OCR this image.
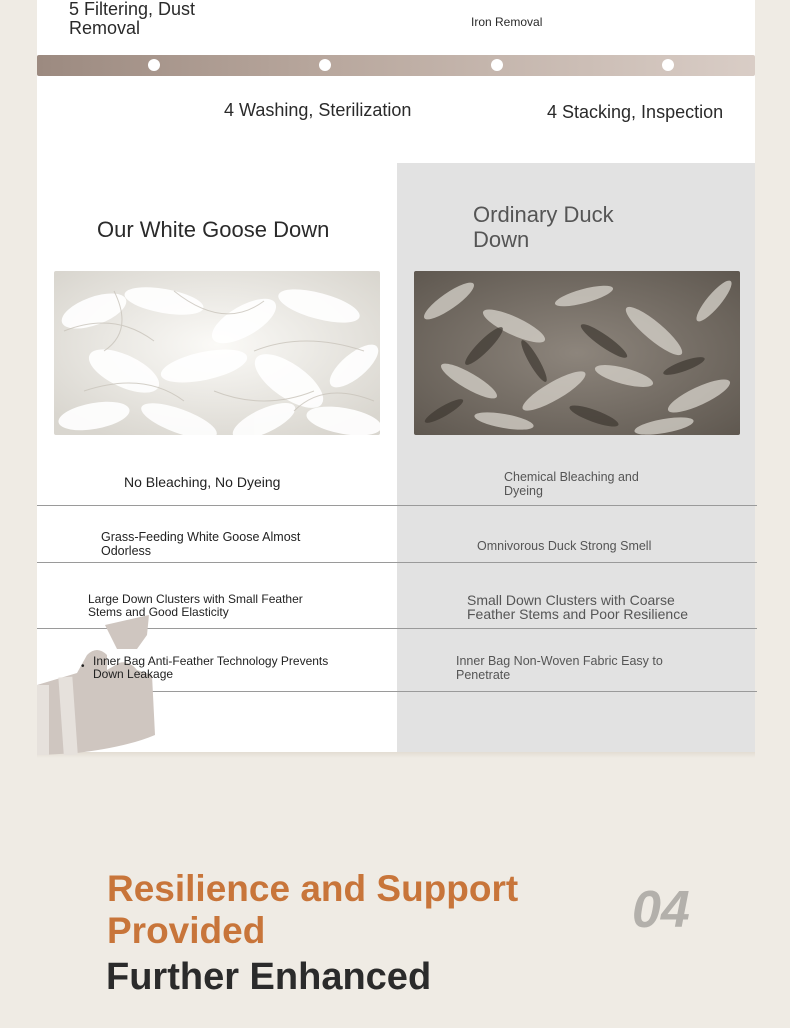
5 Filtering, Dust Removal	Iron Removal
4 Washing, Sterilization	4 Stacking, Inspection
Our White Goose Down
Ordinary Duck Down
No Bleaching, No Dyeing
Grass-Feeding White Goose Almost Odorless
Large Down Clusters with Small Feather Stems and Good Elasticity
• Inner Bag Anti-Feather Technology Prevents Down Leakage
Chemical Bleaching and Dyeing
Omnivorous Duck Strong Smell
Small Down Clusters with Coarse Feather Stems and Poor Resilience
Inner Bag Non-Woven Fabric Easy to Penetrate
Resilience and Support Provided
Further Enhanced
04
